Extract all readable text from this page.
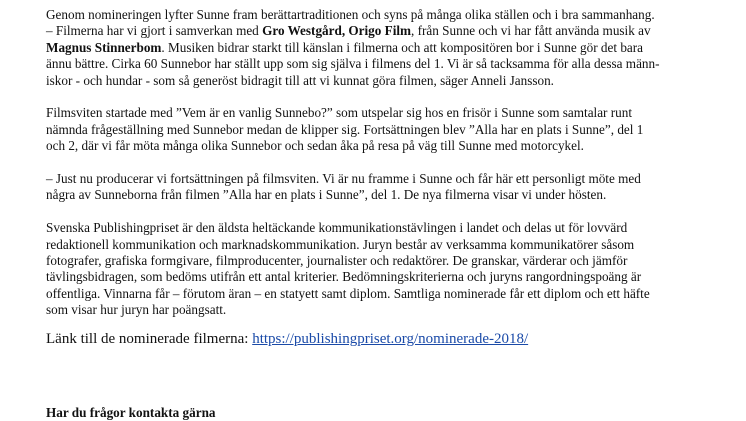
Genom nomineringen lyfter Sunne fram berättartraditionen och syns på många olika ställen och i bra sammanhang.

– Filmerna har vi gjort i samverkan med Gro Westgård, Origo Film, från Sunne och vi har fått använda musik av

Magnus Stinnerbom. Musiken bidrar starkt till känslan i filmerna och att kompositören bor i Sunne gör det bara

ännu bättre. Cirka 60 Sunnebor har ställt upp som sig själva i filmens del 1. Vi är så tacksamma för alla dessa männ-

iskor - och hundar - som så generöst bidragit till att vi kunnat göra filmen, säger Anneli Jansson.

Filmsviten startade med ”Vem är en vanlig Sunnebo?” som utspelar sig hos en frisör i Sunne som samtalar runt

nämnda frågeställning med Sunnebor medan de klipper sig. Fortsättningen blev ”Alla har en plats i Sunne”, del 1

och 2, där vi får möta många olika Sunnebor och sedan åka på resa på väg till Sunne med motorcykel.

– Just nu producerar vi fortsättningen på filmsviten. Vi är nu framme i Sunne och får här ett personligt möte med

några av Sunneborna från filmen ”Alla har en plats i Sunne”, del 1. De nya filmerna visar vi under hösten.

Svenska Publishingpriset är den äldsta heltäckande kommunikationstävlingen i landet och delas ut för lovvärd

redaktionell kommunikation och marknadskommunikation. Juryn består av verksamma kommunikatörer såsom

fotografer, grafiska formgivare, filmproducenter, journalister och redaktörer. De granskar, värderar och jämför

tävlingsbidragen, som bedöms utifrån ett antal kriterier. Bedömningskriterierna och juryns rangordningspoäng är

offentliga. Vinnarna får – förutom äran – en statyett samt diplom. Samtliga nominerade får ett diplom och ett häfte

som visar hur juryn har poängsatt.

Länk till de nominerade filmerna: https://publishingpriset.org/nominerade-2018/

Har du frågor kontakta gärna
